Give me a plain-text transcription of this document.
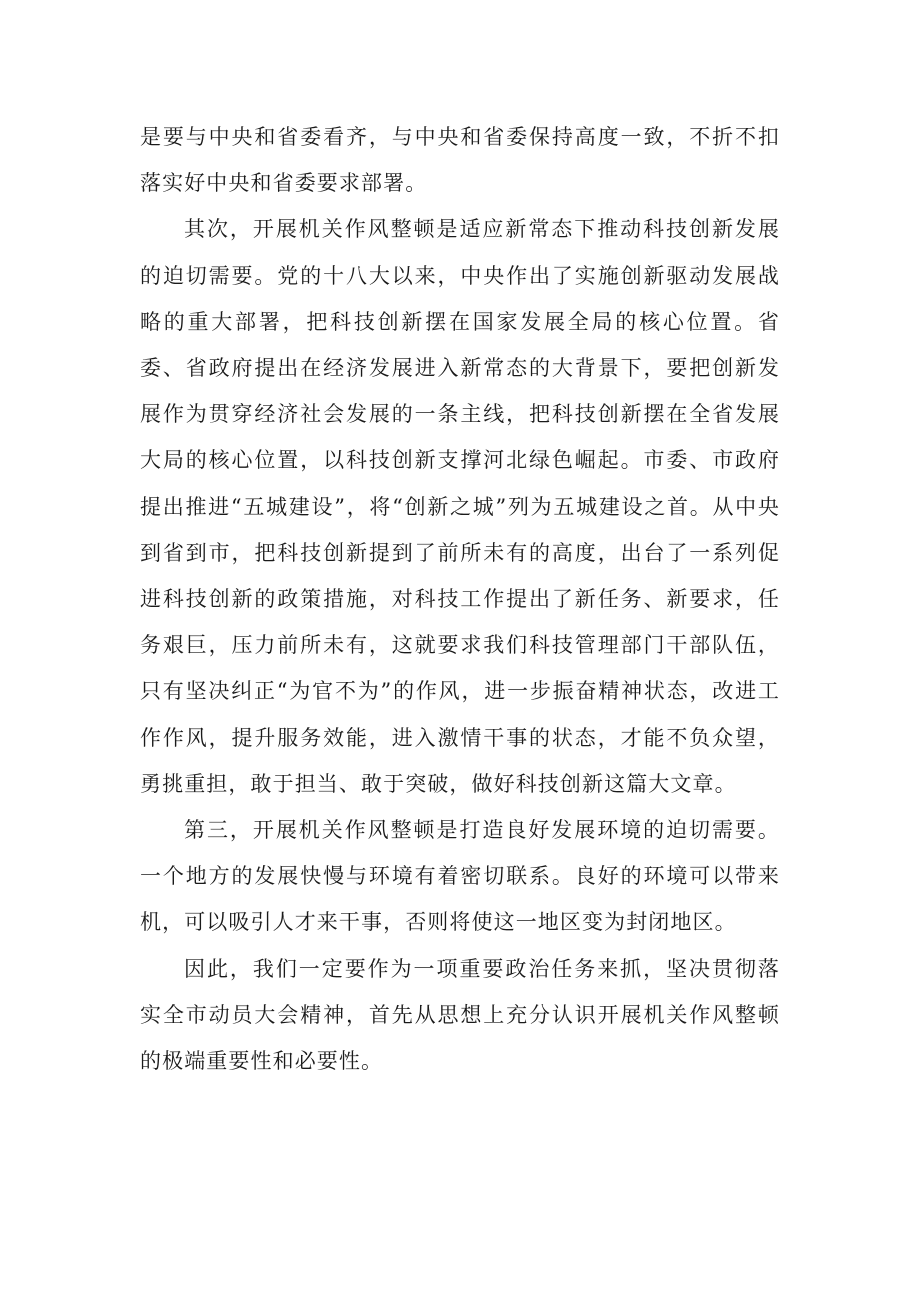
是要与中央和省委看齐，与中央和省委保持高度一致，不折不扣落实好中央和省委要求部署。

其次，开展机关作风整顿是适应新常态下推动科技创新发展的迫切需要。党的十八大以来，中央作出了实施创新驱动发展战略的重大部署，把科技创新摆在国家发展全局的核心位置。省委、省政府提出在经济发展进入新常态的大背景下，要把创新发展作为贯穿经济社会发展的一条主线，把科技创新摆在全省发展大局的核心位置，以科技创新支撑河北绿色崛起。市委、市政府提出推进“五城建设”，将“创新之城”列为五城建设之首。从中央到省到市，把科技创新提到了前所未有的高度，出台了一系列促进科技创新的政策措施，对科技工作提出了新任务、新要求，任务艰巨，压力前所未有，这就要求我们科技管理部门干部队伍，只有坚决纠正“为官不为”的作风，进一步振奋精神状态，改进工作作风，提升服务效能，进入激情干事的状态，才能不负众望，勇挑重担，敢于担当、敢于突破，做好科技创新这篇大文章。

第三，开展机关作风整顿是打造良好发展环境的迫切需要。一个地方的发展快慢与环境有着密切联系。良好的环境可以带来机，可以吸引人才来干事，否则将使这一地区变为封闭地区。

因此，我们一定要作为一项重要政治任务来抓，坚决贯彻落实全市动员大会精神，首先从思想上充分认识开展机关作风整顿的极端重要性和必要性。
